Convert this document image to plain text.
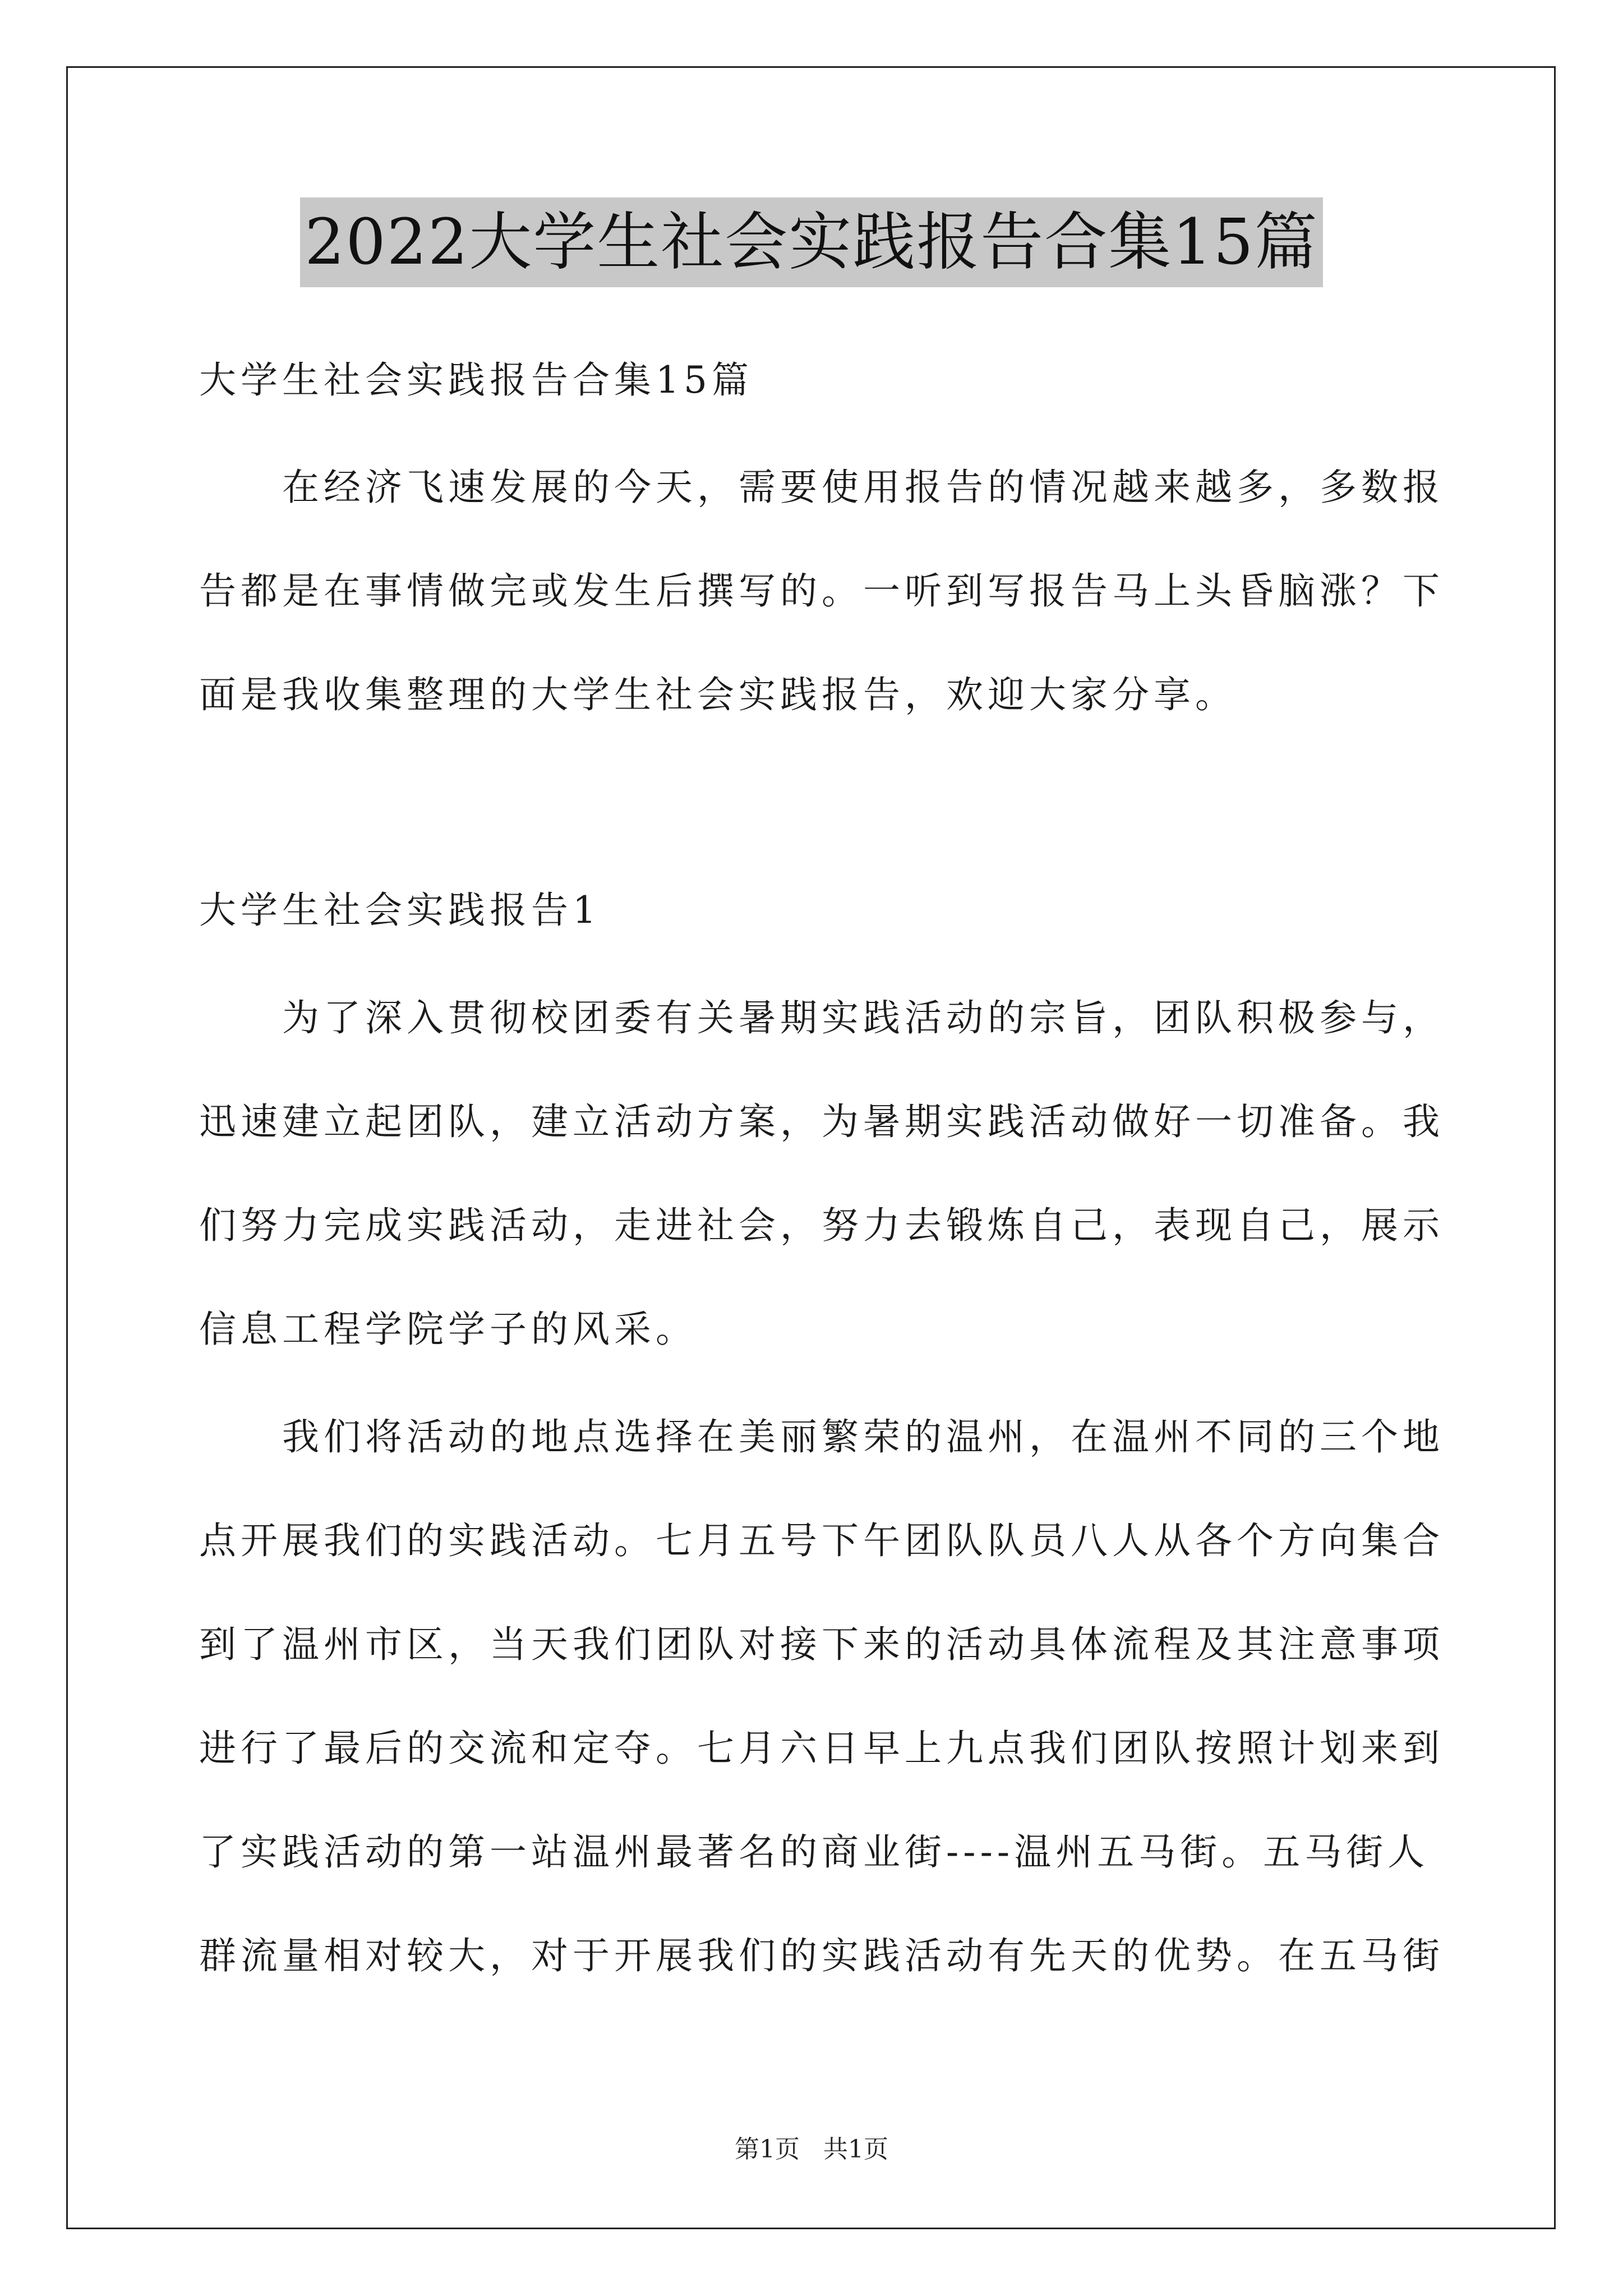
2022大学生社会实践报告合集15篇
大学生社会实践报告合集15篇
在经济飞速发展的今天，需要使用报告的情况越来越多，多数报
告都是在事情做完或发生后撰写的。一听到写报告马上头昏脑涨？下
面是我收集整理的大学生社会实践报告，欢迎大家分享。
大学生社会实践报告1
为了深入贯彻校团委有关暑期实践活动的宗旨，团队积极参与，
迅速建立起团队，建立活动方案，为暑期实践活动做好一切准备。我
们努力完成实践活动，走进社会，努力去锻炼自己，表现自己，展示
信息工程学院学子的风采。
我们将活动的地点选择在美丽繁荣的温州，在温州不同的三个地
点开展我们的实践活动。七月五号下午团队队员八人从各个方向集合
到了温州市区，当天我们团队对接下来的活动具体流程及其注意事项
进行了最后的交流和定夺。七月六日早上九点我们团队按照计划来到
了实践活动的第一站温州最著名的商业街----温州五马街。五马街人
群流量相对较大，对于开展我们的实践活动有先天的优势。在五马街
第1页 共1页
